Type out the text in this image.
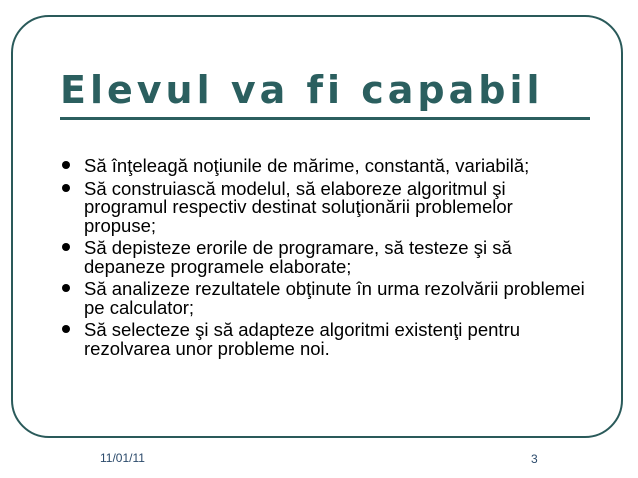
Elevul va fi capabil
Să înţeleagă noţiunile de mărime, constantă, variabilă;
Să construiască modelul, să elaboreze algoritmul şi programul respectiv destinat soluţionării problemelor propuse;
Să depisteze erorile de programare, să testeze şi să depaneze programele elaborate;
Să analizeze rezultatele obţinute în urma rezolvării problemei pe calculator;
Să selecteze şi să adapteze algoritmi existenţi pentru rezolvarea unor probleme noi.
11/01/11	3
